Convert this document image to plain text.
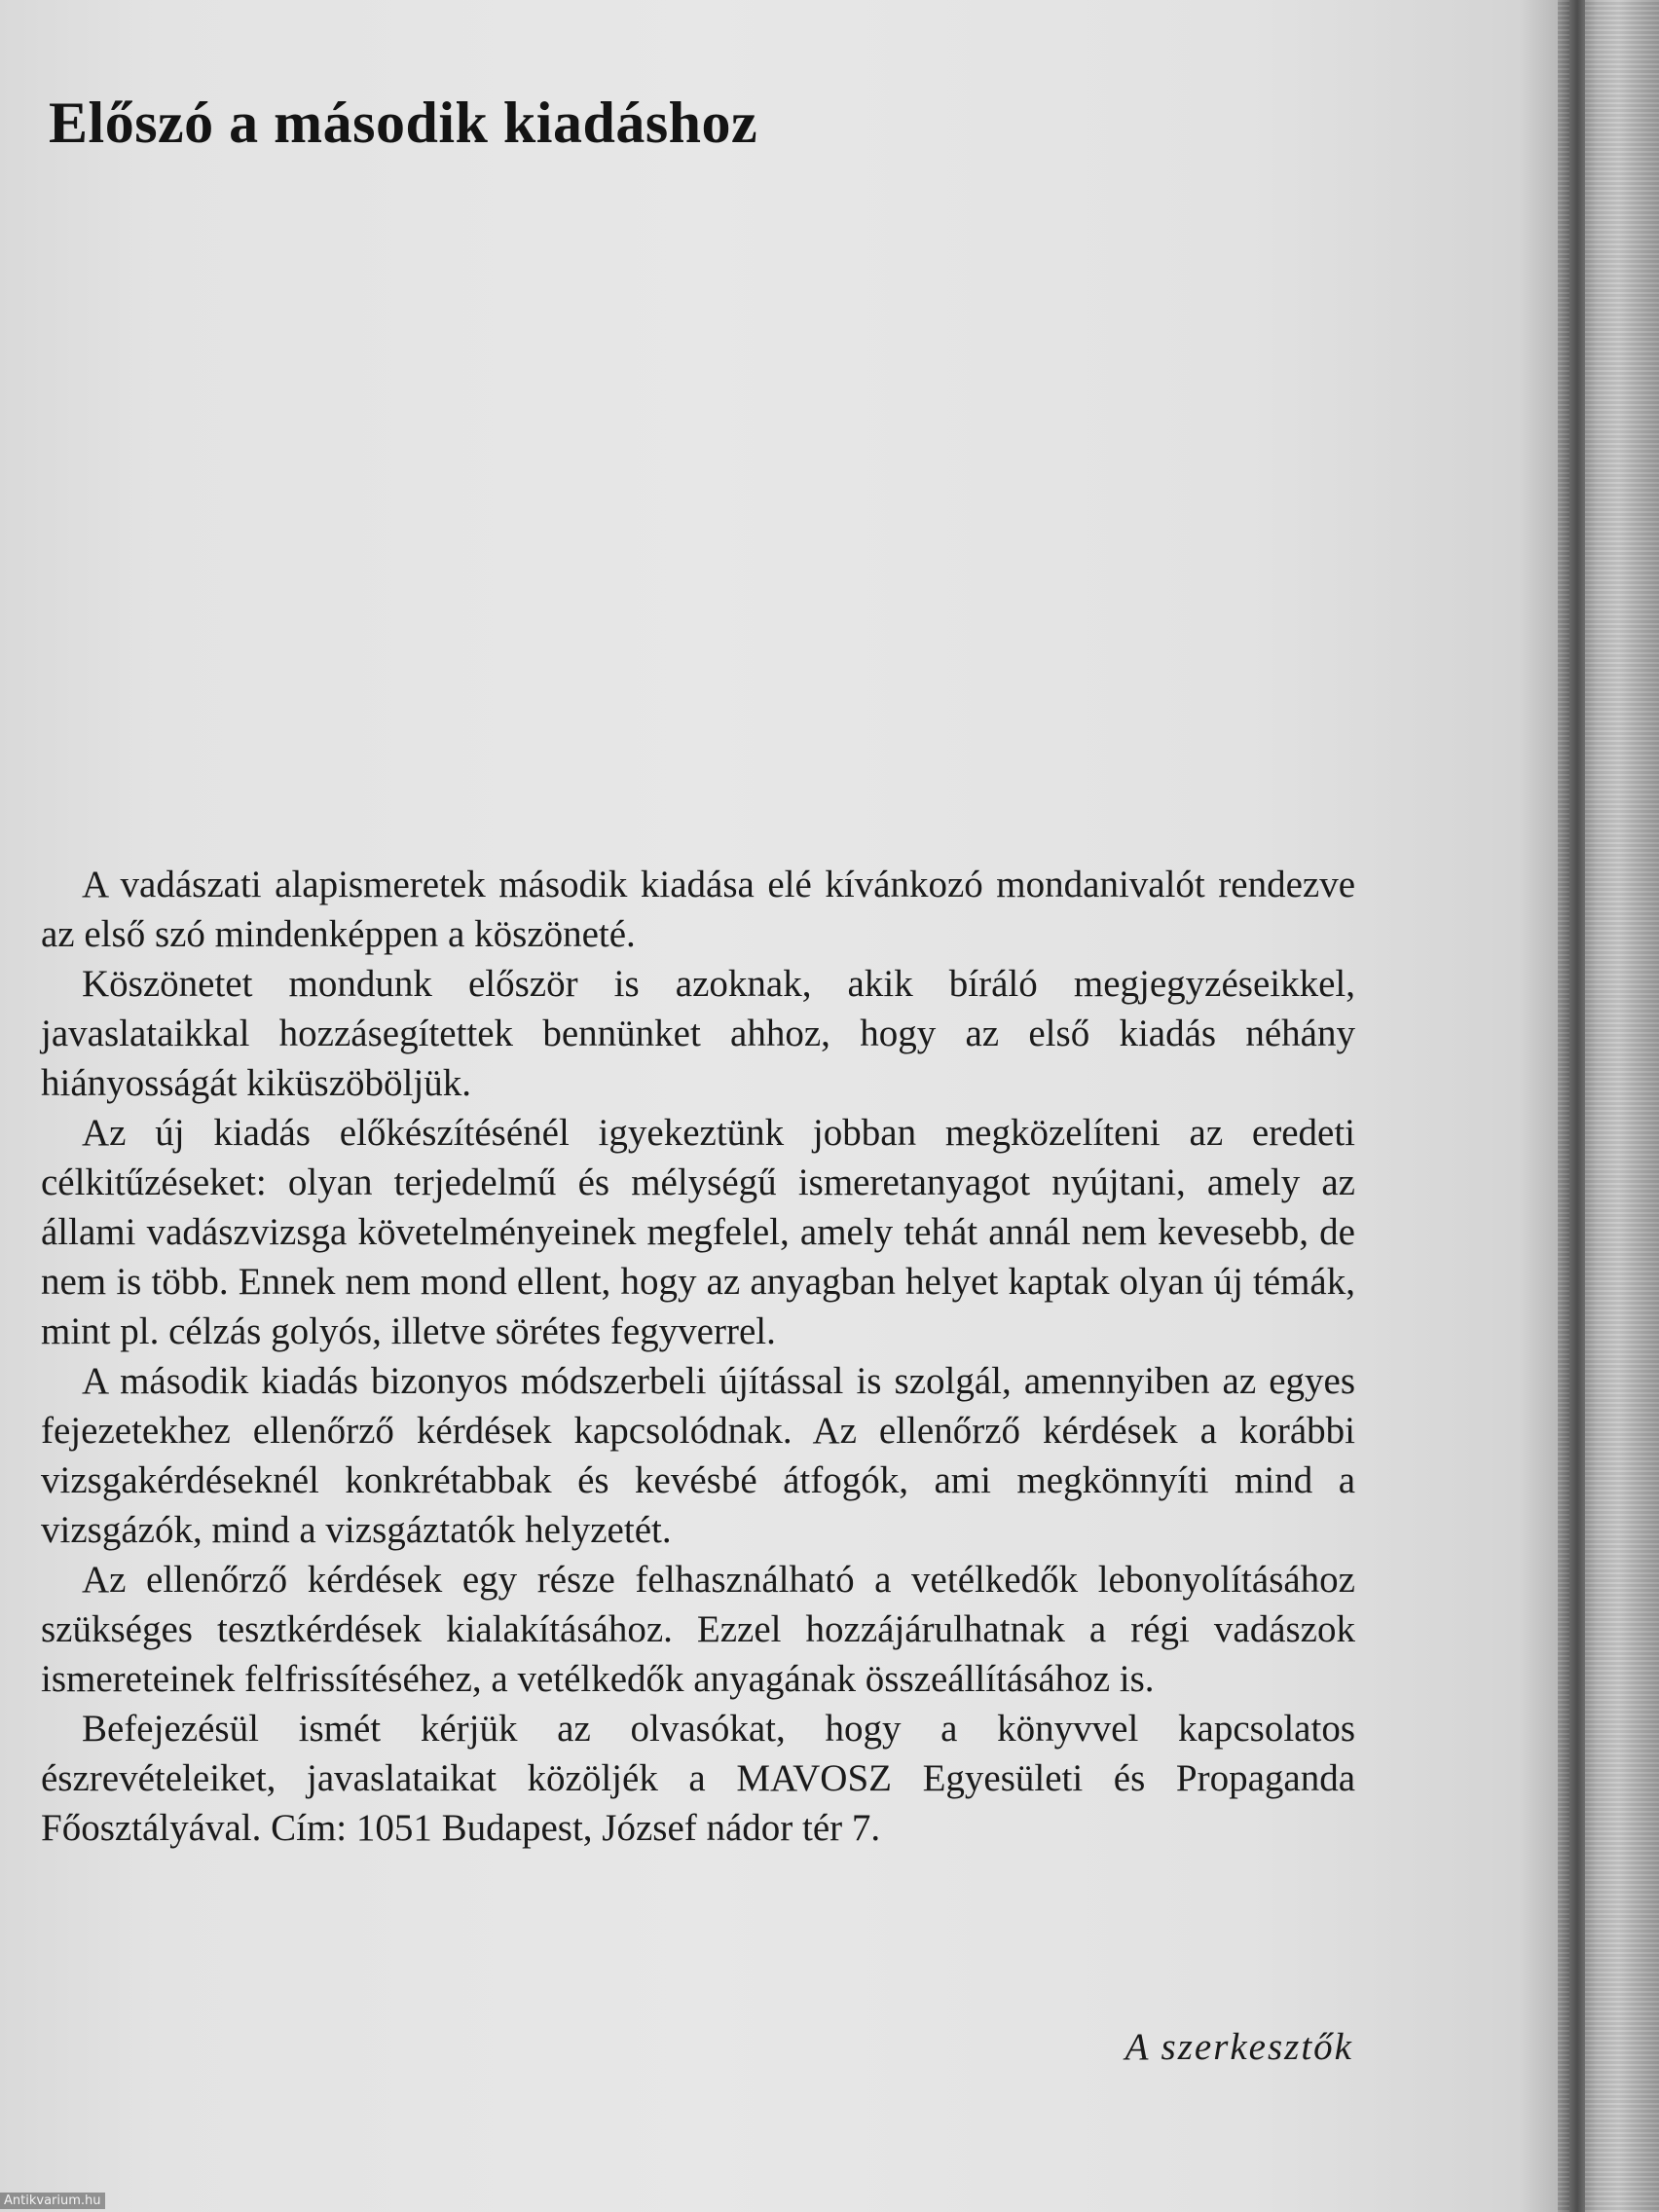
Előszó a második kiadáshoz

A vadászati alapismeretek második kiadása elé kívánkozó mondanivalót rendezve az első szó mindenképpen a köszöneté.

Köszönetet mondunk először is azoknak, akik bíráló megjegyzéseikkel, javaslataikkal hozzásegítettek bennünket ahhoz, hogy az első kiadás néhány hiányosságát kiküszöböljük.

Az új kiadás előkészítésénél igyekeztünk jobban megközelíteni az eredeti célkitűzéseket: olyan terjedelmű és mélységű ismeretanyagot nyújtani, amely az állami vadászvizsga követelményeinek megfelel, amely tehát annál nem kevesebb, de nem is több. Ennek nem mond ellent, hogy az anyagban helyet kaptak olyan új témák, mint pl. célzás golyós, illetve sörétes fegyverrel.

A második kiadás bizonyos módszerbeli újítással is szolgál, amennyiben az egyes fejezetekhez ellenőrző kérdések kapcsolódnak. Az ellenőrző kérdések a korábbi vizsgakérdéseknél konkrétabbak és kevésbé átfogók, ami megkönnyíti mind a vizsgázók, mind a vizsgáztatók helyzetét.

Az ellenőrző kérdések egy része felhasználható a vetélkedők lebonyolításához szükséges tesztkérdések kialakításához. Ezzel hozzájárulhatnak a régi vadászok ismereteinek felfrissítéséhez, a vetélkedők anyagának összeállításához is.

Befejezésül ismét kérjük az olvasókat, hogy a könyvvel kapcsolatos észrevételeiket, javaslataikat közöljék a MAVOSZ Egyesületi és Propaganda Főosztályával. Cím: 1051 Budapest, József nádor tér 7.

A szerkesztők

Antikvarium.hu
